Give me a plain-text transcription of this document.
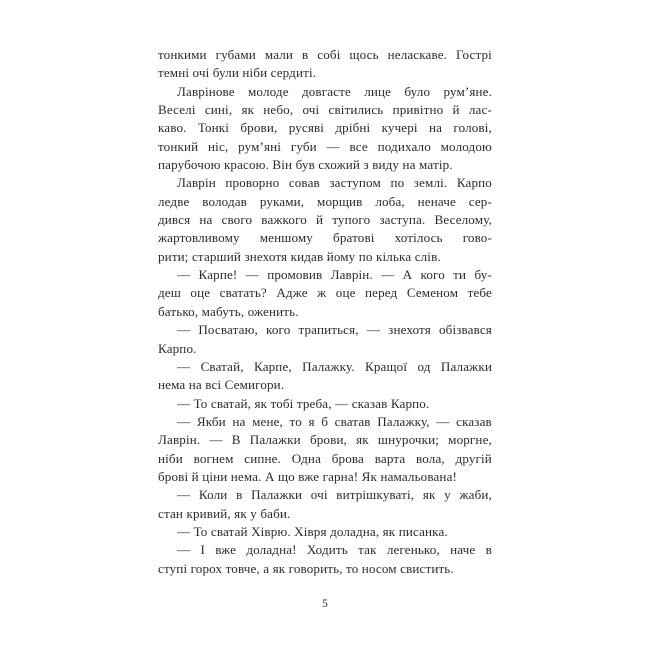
тонкими губами мали в собі щось неласкаве. Гострі
темні очі були ніби сердиті.

Лаврінове молоде довгасте лице було рум’яне.
Веселі сині, як небо, очі світились привітно й лас-
каво. Тонкі брови, русяві дрібні кучері на голові,
тонкий ніс, рум’яні губи — все подихало молодою
парубочою красою. Він був схожий з виду на матір.

Лаврін проворно совав заступом по землі. Карпо
ледве володав руками, морщив лоба, неначе сер-
дився на свого важкого й тупого заступа. Веселому,
жартовливому меншому братові хотілось гово-
рити; старший знехотя кидав йому по кілька слів.

— Карпе! — промовив Лаврін. — А кого ти бу-
деш оце сватать? Адже ж оце перед Семеном тебе
батько, мабуть, оженить.

— Посватаю, кого трапиться, — знехотя обізвався
Карпо.

— Сватай, Карпе, Палажку. Кращої од Палажки
нема на всі Семигори.

— То сватай, як тобі треба, — сказав Карпо.

— Якби на мене, то я б сватав Палажку, — сказав
Лаврін. — В Палажки брови, як шнурочки; моргне,
ніби вогнем сипне. Одна брова варта вола, другій
брові й ціни нема. А що вже гарна! Як намальована!

— Коли в Палажки очі витрішкуваті, як у жаби,
стан кривий, як у баби.

— То сватай Хіврю. Хівря доладна, як писанка.

— І вже доладна! Ходить так легенько, наче в
ступі горох товче, а як говорить, то носом свистить.

5
